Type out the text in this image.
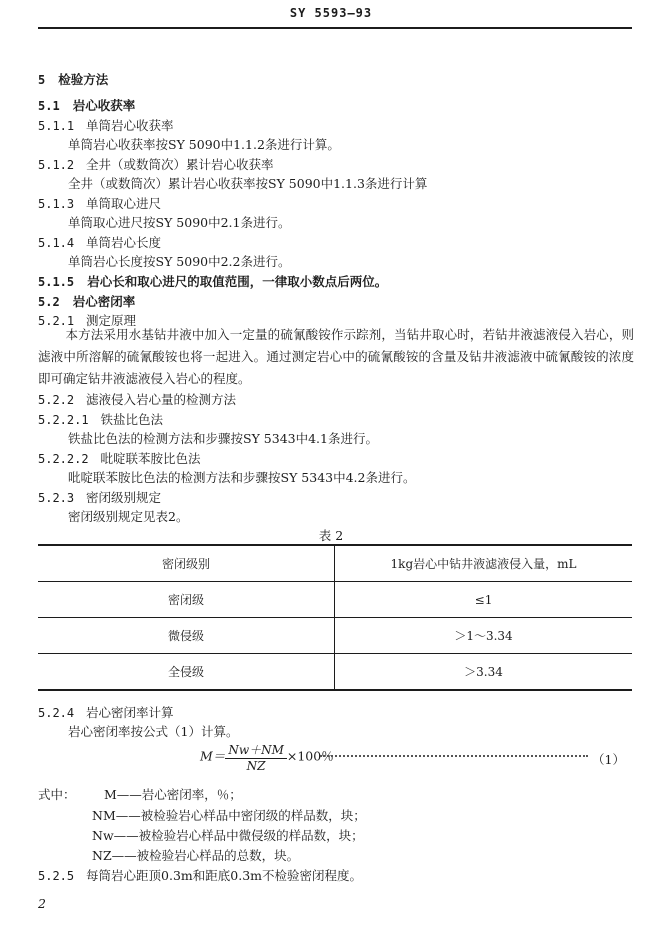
SY 5593—93
5 检验方法
5.1 岩心收获率
5.1.1 单筒岩心收获率
单筒岩心收获率按SY 5090中1.1.2条进行计算。
5.1.2 全井（或数筒次）累计岩心收获率
全井（或数筒次）累计岩心收获率按SY 5090中1.1.3条进行计算
5.1.3 单筒取心进尺
单筒取心进尺按SY 5090中2.1条进行。
5.1.4 单筒岩心长度
单筒岩心长度按SY 5090中2.2条进行。
5.1.5 岩心长和取心进尺的取值范围，一律取小数点后两位。
5.2 岩心密闭率
5.2.1 测定原理
本方法采用水基钻井液中加入一定量的硫氰酸铵作示踪剂，当钻井取心时，若钻井液滤液侵入岩心，则滤液中所溶解的硫氰酸铵也将一起进入。通过测定岩心中的硫氰酸铵的含量及钻井液滤液中硫氰酸铵的浓度即可确定钻井液滤液侵入岩心的程度。
5.2.2 滤液侵入岩心量的检测方法
5.2.2.1 铁盐比色法
铁盐比色法的检测方法和步骤按SY 5343中4.1条进行。
5.2.2.2 吡啶联苯胺比色法
吡啶联苯胺比色法的检测方法和步骤按SY 5343中4.2条进行。
5.2.3 密闭级别规定
密闭级别规定见表2。
表 2
密闭级别	1kg岩心中钻井液滤液侵入量，mL
密闭级	≤1
微侵级	＞1～3.34
全侵级	＞3.34
5.2.4 岩心密闭率计算
岩心密闭率按公式（1）计算。
$M= \frac{Nw+NM}{NZ} \times 100$％	（1）
式中： M——岩心密闭率，％；
NM——被检验岩心样品中密闭级的样品数，块；
Nw——被检验岩心样品中微侵级的样品数，块；
NZ——被检验岩心样品的总数，块。
5.2.5 每筒岩心距顶0.3m和距底0.3m不检验密闭程度。
2
